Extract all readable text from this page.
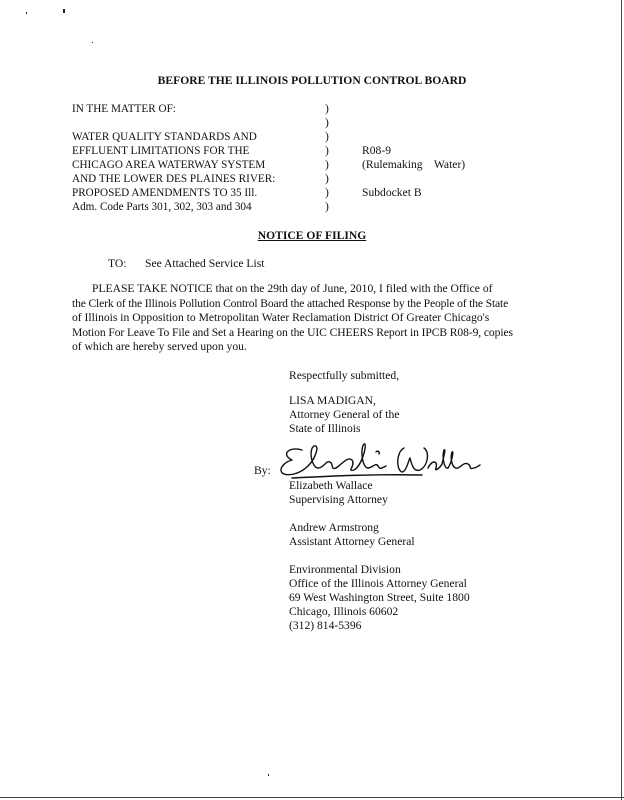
BEFORE THE ILLINOIS POLLUTION CONTROL BOARD
IN THE MATTER OF:
WATER QUALITY STANDARDS AND
EFFLUENT LIMITATIONS FOR THE
CHICAGO AREA WATERWAY SYSTEM
AND THE LOWER DES PLAINES RIVER:
PROPOSED AMENDMENTS TO 35 Ill.
Adm. Code Parts 301, 302, 303 and 304
)
)
)
)
)
)
)
)
R08-9
(Rulemaking    Water)
Subdocket B
NOTICE OF FILING
TO: See Attached Service List
PLEASE TAKE NOTICE that on the 29th day of June, 2010, I filed with the Office of
the Clerk of the Illinois Pollution Control Board the attached Response by the People of the State
of Illinois in Opposition to Metropolitan Water Reclamation District Of Greater Chicago's
Motion For Leave To File and Set a Hearing on the UIC CHEERS Report in IPCB R08-9, copies
of which are hereby served upon you.
Respectfully submitted,
LISA MADIGAN,
Attorney General of the
State of Illinois
By:
Elizabeth Wallace
Supervising Attorney
Andrew Armstrong
Assistant Attorney General
Environmental Division
Office of the Illinois Attorney General
69 West Washington Street, Suite 1800
Chicago, Illinois 60602
(312) 814-5396
